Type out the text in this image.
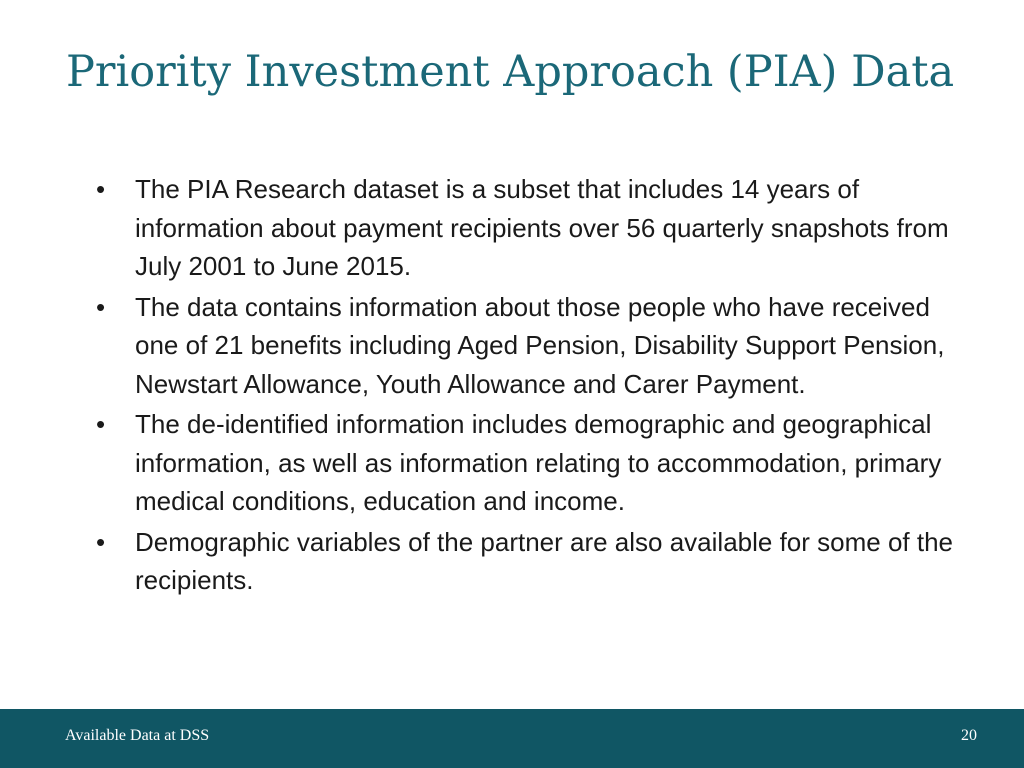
Priority Investment Approach (PIA) Data
•	The PIA Research dataset is a subset that includes 14 years of information about payment recipients over 56 quarterly snapshots from July 2001 to June 2015.
•	The data contains information about those people who have received one of 21 benefits including Aged Pension, Disability Support Pension, Newstart Allowance, Youth Allowance and Carer Payment.
•	The de-identified information includes demographic and geographical information, as well as information relating to accommodation, primary medical conditions, education and income.
•	Demographic variables of the partner are also available for some of the recipients.
Available Data at DSS	20
